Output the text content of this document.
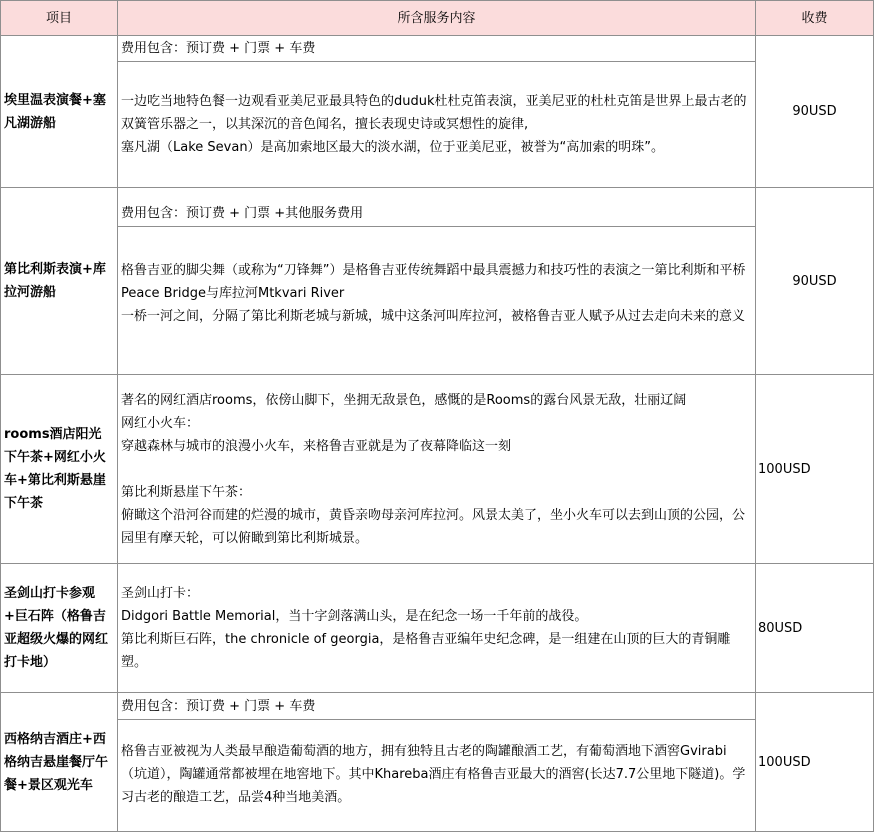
项目	所含服务内容	收费
埃里温表演餐+塞凡湖游船	费用包含：预订费 + 门票 + 车费
一边吃当地特色餐一边观看亚美尼亚最具特色的duduk杜杜克笛表演，亚美尼亚的杜杜克笛是世界上最古老的双簧管乐器之一，以其深沉的音色闻名，擅长表现史诗或冥想性的旋律,
塞凡湖（Lake Sevan）是高加索地区最大的淡水湖，位于亚美尼亚，被誉为“高加索的明珠”。	90USD
第比利斯表演+库拉河游船	费用包含：预订费 + 门票 +其他服务费用
格鲁吉亚的脚尖舞（或称为“刀锋舞”）是格鲁吉亚传统舞蹈中最具震撼力和技巧性的表演之一第比利斯和平桥Peace Bridge与库拉河Mtkvari River
一桥一河之间，分隔了第比利斯老城与新城，城中这条河叫库拉河，被格鲁吉亚人赋予从过去走向未来的意义	90USD
rooms酒店阳光下午茶+网红小火车+第比利斯悬崖下午茶	著名的网红酒店rooms，依傍山脚下，坐拥无敌景色，感慨的是Rooms的露台风景无敌，壮丽辽阔
网红小火车：
穿越森林与城市的浪漫小火车，来格鲁吉亚就是为了夜幕降临这一刻
第比利斯悬崖下午茶：
俯瞰这个沿河谷而建的烂漫的城市，黄昏亲吻母亲河库拉河。风景太美了，坐小火车可以去到山顶的公园，公园里有摩天轮，可以俯瞰到第比利斯城景。	100USD
圣剑山打卡参观+巨石阵（格鲁吉亚超级火爆的网红打卡地）	圣剑山打卡：
Didgori Battle Memorial，当十字剑落满山头，是在纪念一场一千年前的战役。
第比利斯巨石阵，the chronicle of georgia，是格鲁吉亚编年史纪念碑，是一组建在山顶的巨大的青铜雕塑。	80USD
西格纳吉酒庄+西格纳吉悬崖餐厅午餐+景区观光车	费用包含：预订费 + 门票 + 车费
格鲁吉亚被视为人类最早酿造葡萄酒的地方，拥有独特且古老的陶罐酿酒工艺，有葡萄酒地下酒窖Gvirabi（坑道），陶罐通常都被埋在地窖地下。其中Khareba酒庄有格鲁吉亚最大的酒窖(长达7.7公里地下隧道)。学习古老的酿造工艺，品尝4种当地美酒。	100USD
